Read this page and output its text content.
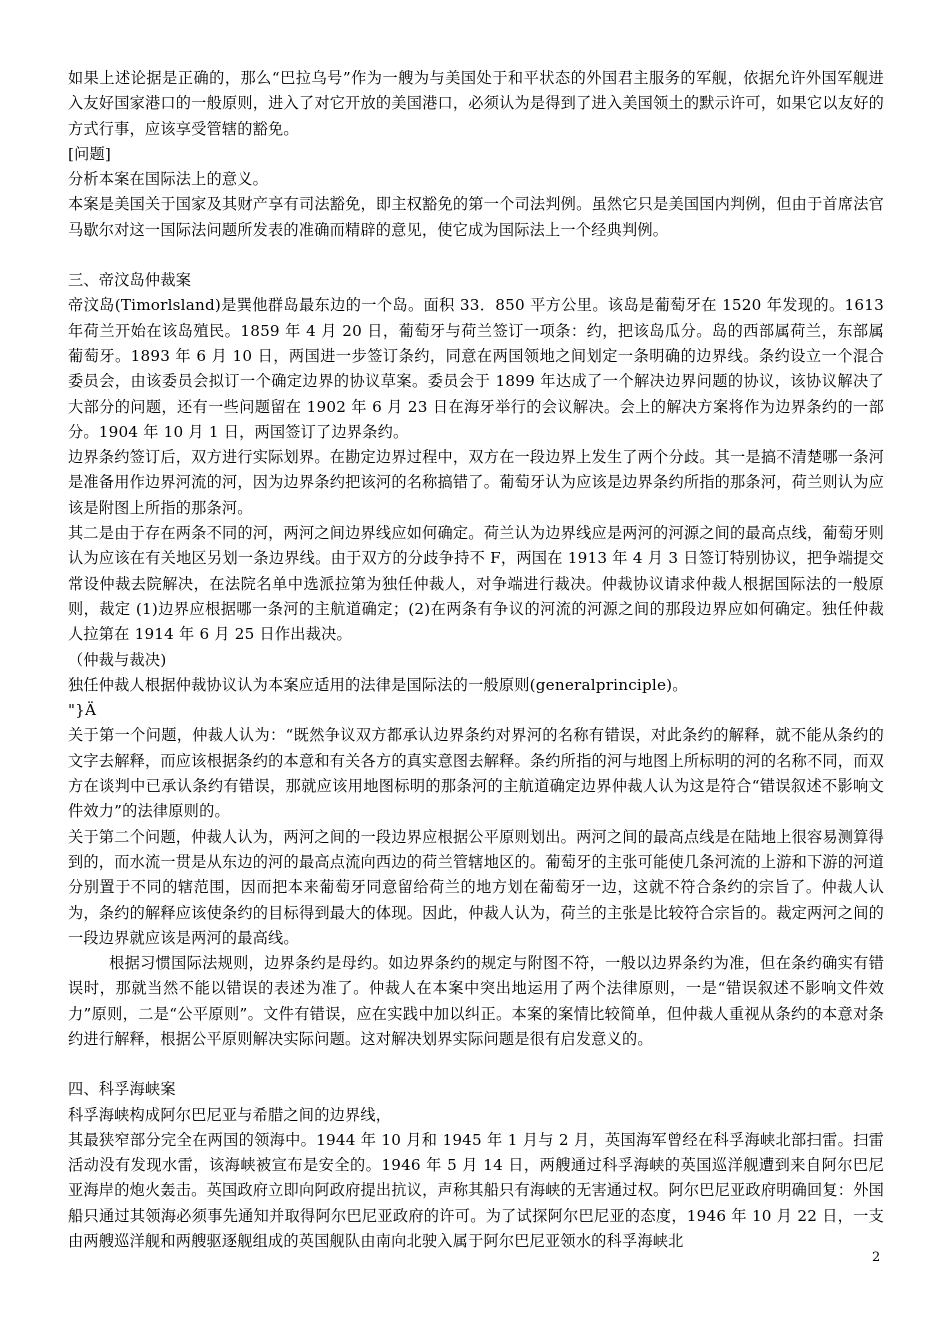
如果上述论据是正确的，那么“巴拉乌号”作为一艘为与美国处于和平状态的外国君主服务的军舰，依据允许外国军舰进入友好国家港口的一般原则，进入了对它开放的美国港口，必须认为是得到了进入美国领土的默示许可，如果它以友好的方式行事，应该享受管辖的豁免。

[问题]

分析本案在国际法上的意义。

本案是美国关于国家及其财产享有司法豁免，即主权豁免的第一个司法判例。虽然它只是美国国内判例，但由于首席法官马歇尔对这一国际法问题所发表的准确而精辟的意见，使它成为国际法上一个经典判例。

三、帝汶岛仲裁案

帝汶岛(Timorlsland)是巽他群岛最东边的一个岛。面积 33．850 平方公里。该岛是葡萄牙在 1520 年发现的。1613 年荷兰开始在该岛殖民。1859 年 4 月 20 日，葡萄牙与荷兰签订一项条：约，把该岛瓜分。岛的西部属荷兰，东部属葡萄牙。1893 年 6 月 10 日，两国进一步签订条约，同意在两国领地之间划定一条明确的边界线。条约设立一个混合委员会，由该委员会拟订一个确定边界的协议草案。委员会于 1899 年达成了一个解决边界问题的协议，该协议解决了大部分的问题，还有一些问题留在 1902 年 6 月 23 日在海牙举行的会议解决。会上的解决方案将作为边界条约的一部分。1904 年 10 月 1 日，两国签订了边界条约。

边界条约签订后，双方进行实际划界。在勘定边界过程中，双方在一段边界上发生了两个分歧。其一是搞不清楚哪一条河是准备用作边界河流的河，因为边界条约把该河的名称搞错了。葡萄牙认为应该是边界条约所指的那条河，荷兰则认为应该是附图上所指的那条河。

其二是由于存在两条不同的河，两河之间边界线应如何确定。荷兰认为边界线应是两河的河源之间的最高点线，葡萄牙则认为应该在有关地区另划一条边界线。由于双方的分歧争持不 F，两国在 1913 年 4 月 3 日签订特别协议，把争端提交常设仲裁去院解决，在法院名单中选派拉第为独任仲裁人，对争端进行裁决。仲裁协议请求仲裁人根据国际法的一般原则，裁定 (1)边界应根据哪一条河的主航道确定；(2)在两条有争议的河流的河源之间的那段边界应如何确定。独任仲裁人拉第在 1914 年 6 月 25 日作出裁决。

（仲裁与裁决)

独任仲裁人根据仲裁协议认为本案应适用的法律是国际法的一般原则(generalprinciple)。

"}Ä

关于第一个问题，仲裁人认为：“既然争议双方都承认边界条约对界河的名称有错误，对此条约的解释，就不能从条约的文字去解释，而应该根据条约的本意和有关各方的真实意图去解释。条约所指的河与地图上所标明的河的名称不同，而双方在谈判中已承认条约有错误，那就应该用地图标明的那条河的主航道确定边界仲裁人认为这是符合“错误叙述不影响文件效力”的法律原则的。

关于第二个问题，仲裁人认为，两河之间的一段边界应根据公平原则划出。两河之间的最高点线是在陆地上很容易测算得到的，而水流一贯是从东边的河的最高点流向西边的荷兰管辖地区的。葡萄牙的主张可能使几条河流的上游和下游的河道分别置于不同的辖范围，因而把本来葡萄牙同意留给荷兰的地方划在葡萄牙一边，这就不符合条约的宗旨了。仲裁人认为，条约的解释应该使条约的目标得到最大的体现。因此，仲裁人认为，荷兰的主张是比较符合宗旨的。裁定两河之间的一段边界就应该是两河的最高线。

根据习惯国际法规则，边界条约是母约。如边界条约的规定与附图不符，一般以边界条约为准，但在条约确实有错误时，那就当然不能以错误的表述为准了。仲裁人在本案中突出地运用了两个法律原则，一是“错误叙述不影响文件效力”原则，二是“公平原则”。文件有错误，应在实践中加以纠正。本案的案情比较简单，但仲裁人重视从条约的本意对条约进行解释，根据公平原则解决实际问题。这对解决划界实际问题是很有启发意义的。

四、科孚海峡案

科孚海峡构成阿尔巴尼亚与希腊之间的边界线，

其最狭窄部分完全在两国的领海中。1944 年 10 月和 1945 年 1 月与 2 月，英国海军曾经在科孚海峡北部扫雷。扫雷活动没有发现水雷，该海峡被宣布是安全的。1946 年 5 月 14 日，两艘通过科孚海峡的英国巡洋舰遭到来自阿尔巴尼亚海岸的炮火轰击。英国政府立即向阿政府提出抗议，声称其船只有海峡的无害通过权。阿尔巴尼亚政府明确回复：外国船只通过其领海必须事先通知并取得阿尔巴尼亚政府的许可。为了试探阿尔巴尼亚的态度，1946 年 10 月 22 日，一支由两艘巡洋舰和两艘驱逐舰组成的英国舰队由南向北驶入属于阿尔巴尼亚领水的科孚海峡北

2
